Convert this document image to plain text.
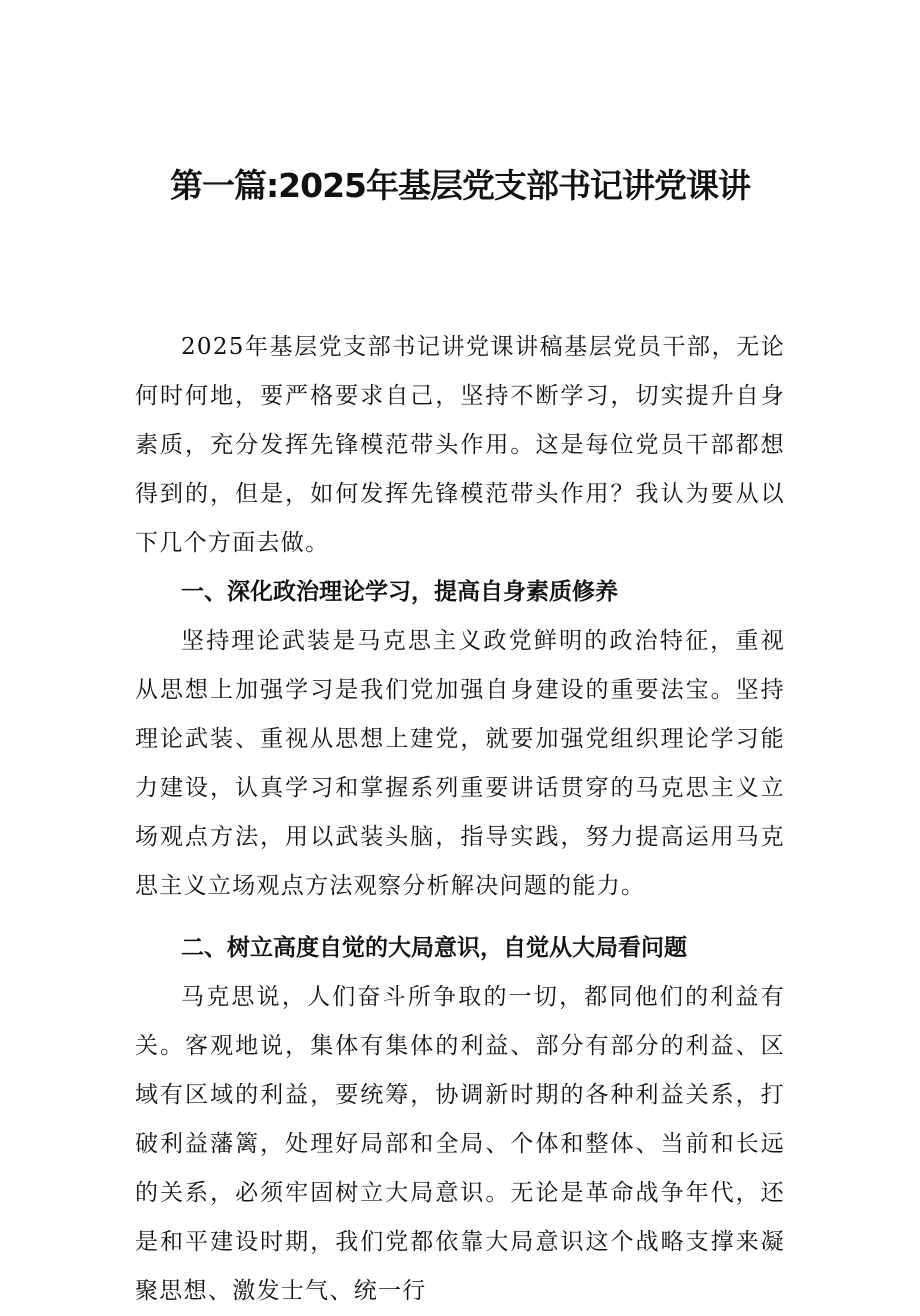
第一篇:2025年基层党支部书记讲党课讲

2025年基层党支部书记讲党课讲稿基层党员干部，无论何时何地，要严格要求自己，坚持不断学习，切实提升自身素质，充分发挥先锋模范带头作用。这是每位党员干部都想得到的，但是，如何发挥先锋模范带头作用？我认为要从以下几个方面去做。

一、深化政治理论学习，提高自身素质修养

坚持理论武装是马克思主义政党鲜明的政治特征，重视从思想上加强学习是我们党加强自身建设的重要法宝。坚持理论武装、重视从思想上建党，就要加强党组织理论学习能力建设，认真学习和掌握系列重要讲话贯穿的马克思主义立场观点方法，用以武装头脑，指导实践，努力提高运用马克思主义立场观点方法观察分析解决问题的能力。

二、树立高度自觉的大局意识，自觉从大局看问题

马克思说，人们奋斗所争取的一切，都同他们的利益有关。客观地说，集体有集体的利益、部分有部分的利益、区域有区域的利益，要统筹，协调新时期的各种利益关系，打破利益藩篱，处理好局部和全局、个体和整体、当前和长远的关系，必须牢固树立大局意识。无论是革命战争年代，还是和平建设时期，我们党都依靠大局意识这个战略支撑来凝聚思想、激发士气、统一行
